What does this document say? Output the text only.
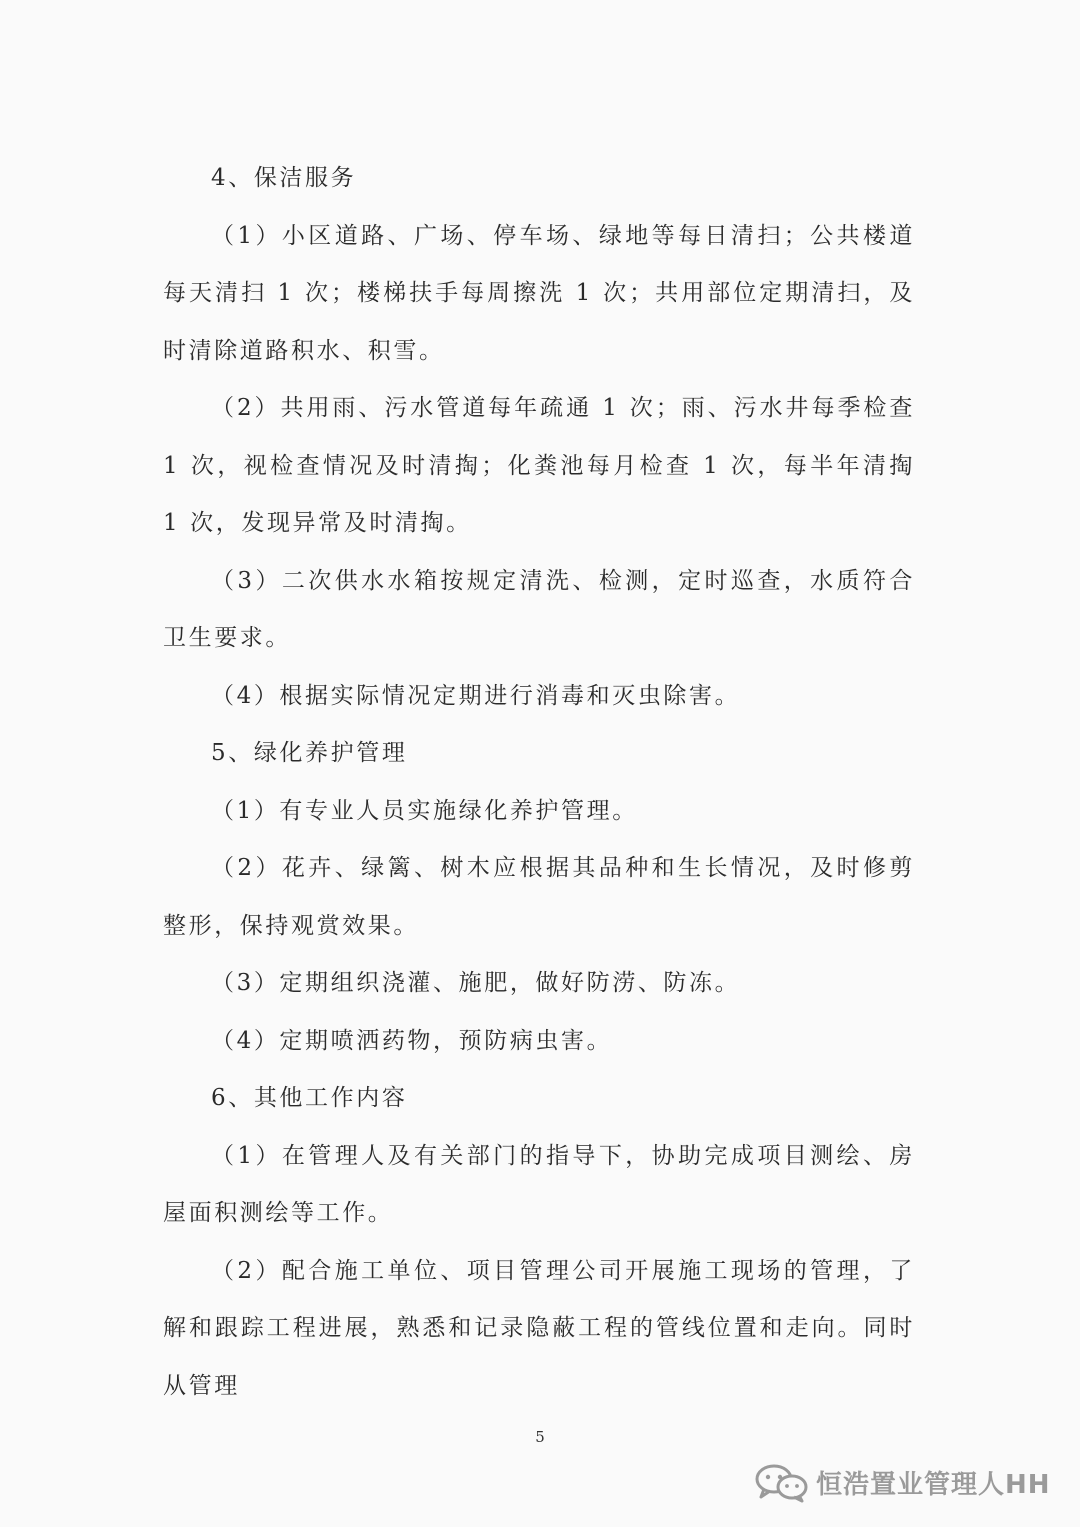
4、保洁服务

（1）小区道路、广场、停车场、绿地等每日清扫；公共楼道每天清扫 1 次；楼梯扶手每周擦洗 1 次；共用部位定期清扫，及时清除道路积水、积雪。

（2）共用雨、污水管道每年疏通 1 次；雨、污水井每季检查 1 次，视检查情况及时清掏；化粪池每月检查 1 次，每半年清掏 1 次，发现异常及时清掏。

（3）二次供水水箱按规定清洗、检测，定时巡查，水质符合卫生要求。

（4）根据实际情况定期进行消毒和灭虫除害。

5、绿化养护管理

（1）有专业人员实施绿化养护管理。

（2）花卉、绿篱、树木应根据其品种和生长情况，及时修剪整形，保持观赏效果。

（3）定期组织浇灌、施肥，做好防涝、防冻。

（4）定期喷洒药物，预防病虫害。

6、其他工作内容

（1）在管理人及有关部门的指导下，协助完成项目测绘、房屋面积测绘等工作。

（2）配合施工单位、项目管理公司开展施工现场的管理，了解和跟踪工程进展，熟悉和记录隐蔽工程的管线位置和走向。同时从管理

5
恒浩置业管理人HH
